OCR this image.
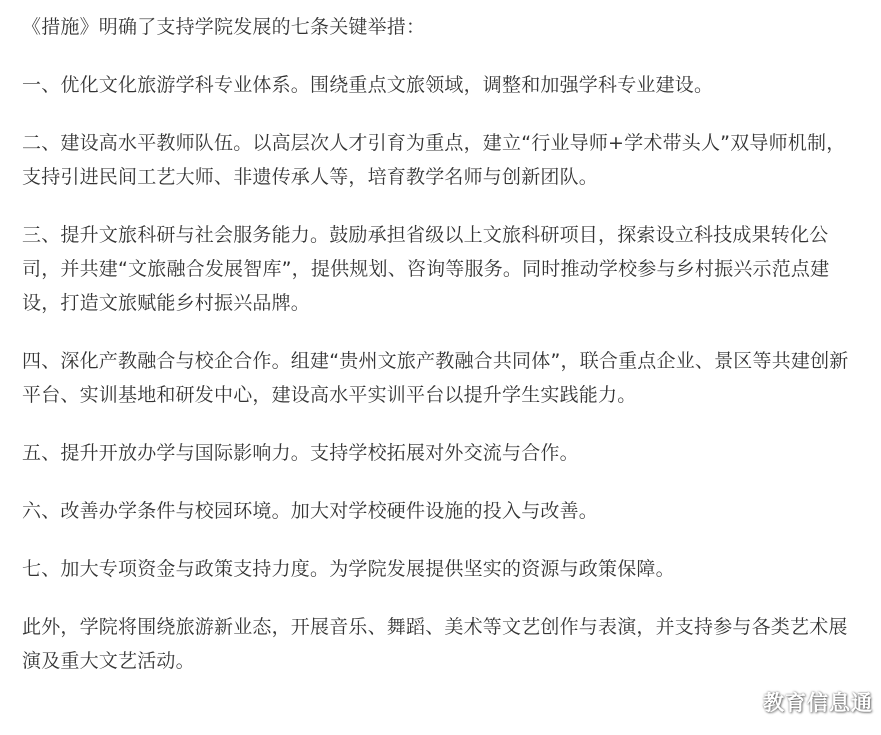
《措施》明确了支持学院发展的七条关键举措：

一、优化文化旅游学科专业体系。围绕重点文旅领域，调整和加强学科专业建设。

二、建设高水平教师队伍。以高层次人才引育为重点，建立“行业导师+学术带头人”双导师机制，支持引进民间工艺大师、非遗传承人等，培育教学名师与创新团队。

三、提升文旅科研与社会服务能力。鼓励承担省级以上文旅科研项目，探索设立科技成果转化公司，并共建“文旅融合发展智库”，提供规划、咨询等服务。同时推动学校参与乡村振兴示范点建设，打造文旅赋能乡村振兴品牌。

四、深化产教融合与校企合作。组建“贵州文旅产教融合共同体”，联合重点企业、景区等共建创新平台、实训基地和研发中心，建设高水平实训平台以提升学生实践能力。

五、提升开放办学与国际影响力。支持学校拓展对外交流与合作。

六、改善办学条件与校园环境。加大对学校硬件设施的投入与改善。

七、加大专项资金与政策支持力度。为学院发展提供坚实的资源与政策保障。

此外，学院将围绕旅游新业态，开展音乐、舞蹈、美术等文艺创作与表演，并支持参与各类艺术展演及重大文艺活动。

教育信息通
